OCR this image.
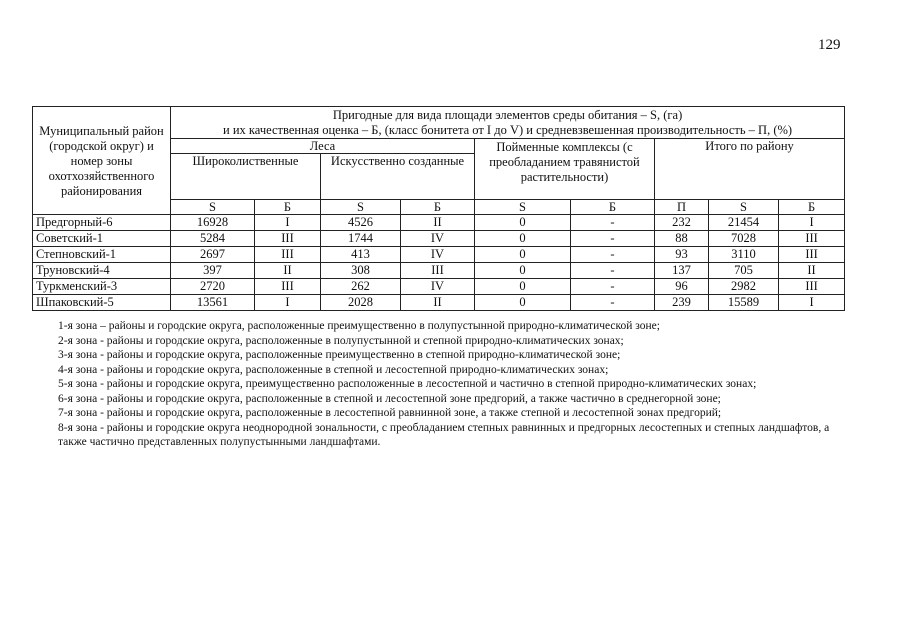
129
Муниципальный район (городской округ) и номер зоны охотхозяйственного районирования	Пригодные для вида площади элементов среды обитания – S, (га)
и их качественная оценка – Б, (класс бонитета от I до V) и средневзвешенная производительность – П, (%)								

	Леса				Пойменные комплексы (с преобладанием травянистой растительности)		Итого по району		
	Широколиственные		Искусственно созданные						
	S	Б	S	Б	S	Б	П	S	Б
Предгорный-6	16928	I	4526	II	0	-	232	21454	I
Советский-1	5284	III	1744	IV	0	-	88	7028	III
Степновский-1	2697	III	413	IV	0	-	93	3110	III
Труновский-4	397	II	308	III	0	-	137	705	II
Туркменский-3	2720	III	262	IV	0	-	96	2982	III
Шпаковский-5	13561	I	2028	II	0	-	239	15589	I

1-я зона – районы и городские округа, расположенные преимущественно в полупустынной природно-климатической зоне;

2-я зона - районы и городские округа, расположенные в полупустынной и степной природно-климатических зонах;

3-я зона - районы и городские округа, расположенные преимущественно в степной природно-климатической зоне;

4-я зона - районы и городские округа, расположенные в степной и лесостепной природно-климатических зонах;

5-я зона - районы и городские округа, преимущественно расположенные в лесостепной и частично в степной природно-климатических зонах;

6-я зона - районы и городские округа, расположенные в степной и лесостепной зоне предгорий, а также частично в среднегорной зоне;

7-я зона - районы и городские округа, расположенные в лесостепной равнинной зоне, а также степной и лесостепной зонах предгорий;

8-я зона - районы и городские округа неоднородной зональности, с преобладанием степных равнинных и предгорных лесостепных и степных ландшафтов, а также частично представленных полупустынными ландшафтами.
